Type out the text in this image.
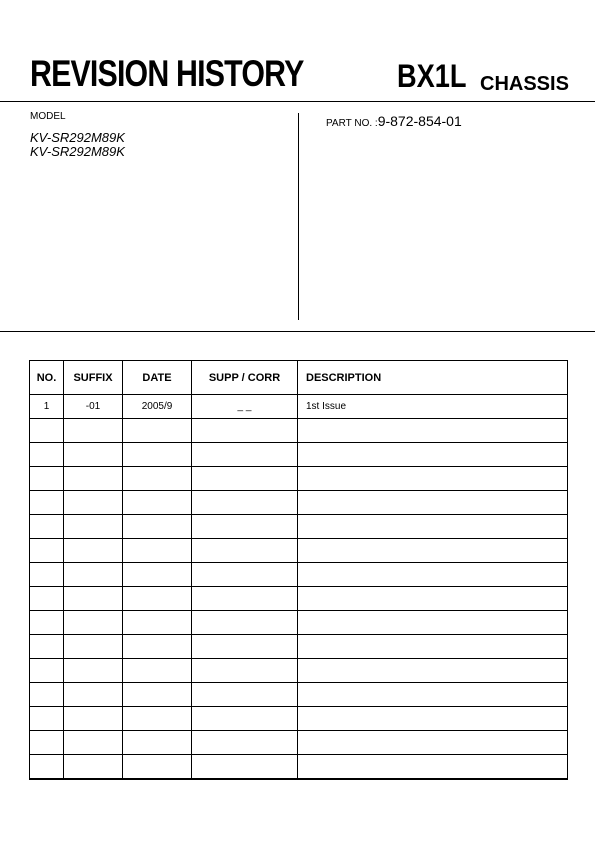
REVISION HISTORY	BX1L CHASSIS
MODEL
KV-SR292M89K
KV-SR292M89K
PART NO. :9-872-854-01
NO.	SUFFIX	DATE	SUPP / CORR	DESCRIPTION
1	-01	2005/9	_ _	1st Issue
